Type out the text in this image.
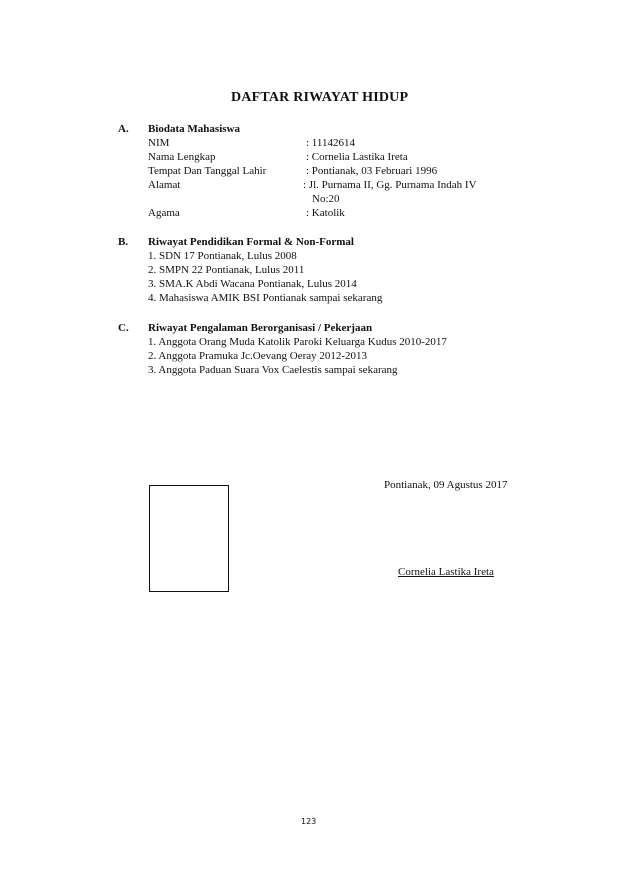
DAFTAR RIWAYAT HIDUP
A. Biodata Mahasiswa
NIM	: 11142614
Nama Lengkap	: Cornelia Lastika Ireta
Tempat Dan Tanggal Lahir	: Pontianak, 03 Februari 1996
Alamat	: Jl. Purnama II, Gg. Purnama Indah IV
No:20
Agama	: Katolik
B. Riwayat Pendidikan Formal & Non-Formal
1. SDN 17 Pontianak, Lulus 2008
2. SMPN 22 Pontianak, Lulus 2011
3. SMA.K Abdi Wacana Pontianak, Lulus 2014
4. Mahasiswa AMIK BSI Pontianak sampai sekarang
C. Riwayat Pengalaman Berorganisasi / Pekerjaan
1. Anggota Orang Muda Katolik Paroki Keluarga Kudus 2010-2017
2. Anggota Pramuka Jc.Oevang Oeray 2012-2013
3. Anggota Paduan Suara Vox Caelestis sampai sekarang
Pontianak, 09 Agustus 2017
Cornelia Lastika Ireta
123
